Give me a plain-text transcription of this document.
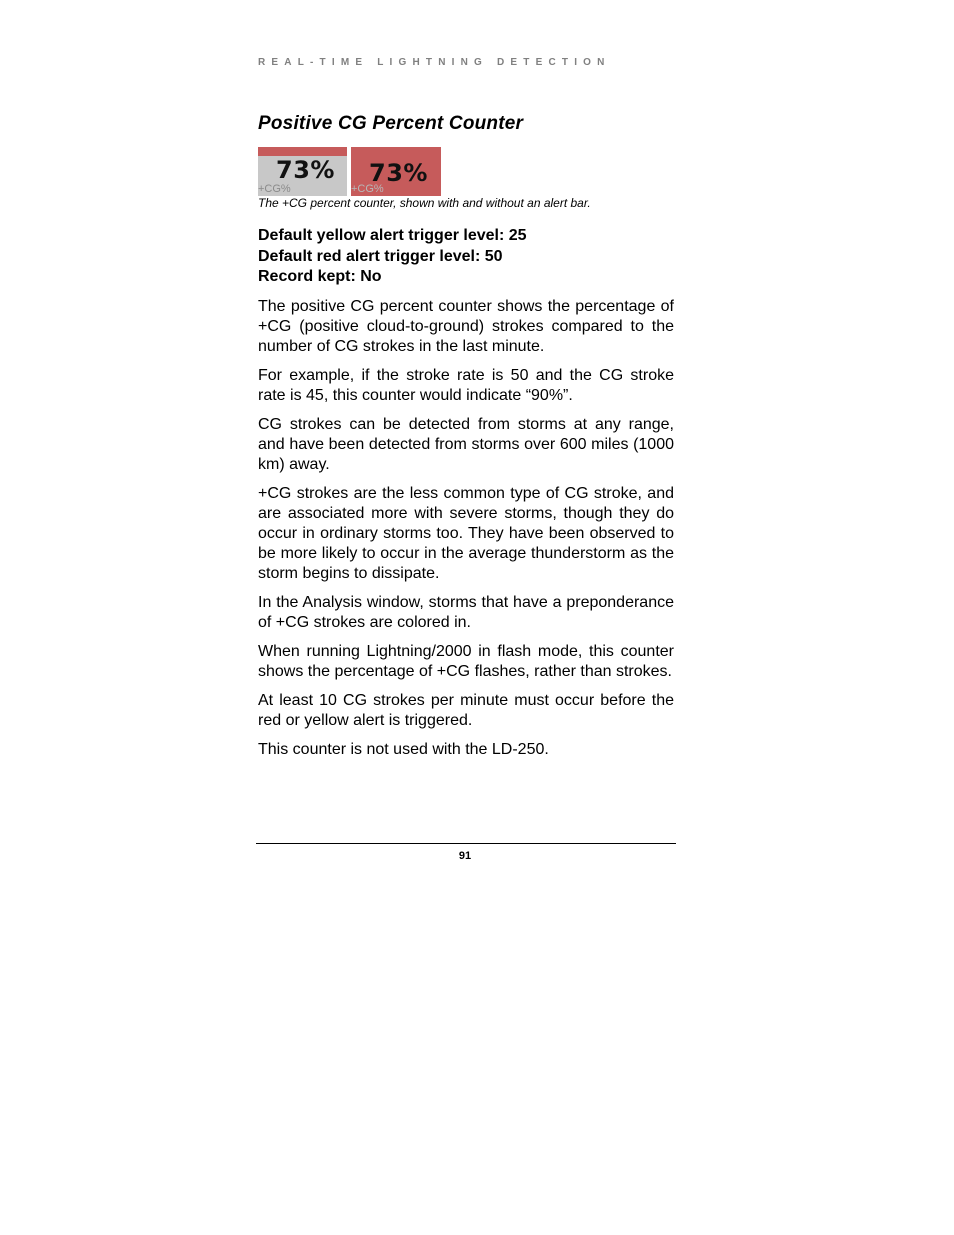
REAL-TIME LIGHTNING DETECTION
Positive CG Percent Counter
73%
+CG%
73%
+CG%
The +CG percent counter, shown with and without an alert bar.
Default yellow alert trigger level: 25
Default red alert trigger level: 50
Record kept: No

The positive CG percent counter shows the percentage of +CG (positive cloud-to-ground) strokes compared to the number of CG strokes in the last minute.

For example, if the stroke rate is 50 and the CG stroke rate is 45, this counter would indicate “90%”.

CG strokes can be detected from storms at any range, and have been detected from storms over 600 miles (1000 km) away.

+CG strokes are the less common type of CG stroke, and are associated more with severe storms, though they do occur in ordinary storms too. They have been observed to be more likely to occur in the average thunderstorm as the storm begins to dissipate.

In the Analysis window, storms that have a preponderance of +CG strokes are colored in.

When running Lightning/2000 in flash mode, this counter shows the percentage of +CG flashes, rather than strokes.

At least 10 CG strokes per minute must occur before the red or yellow alert is triggered.

This counter is not used with the LD-250.

91
